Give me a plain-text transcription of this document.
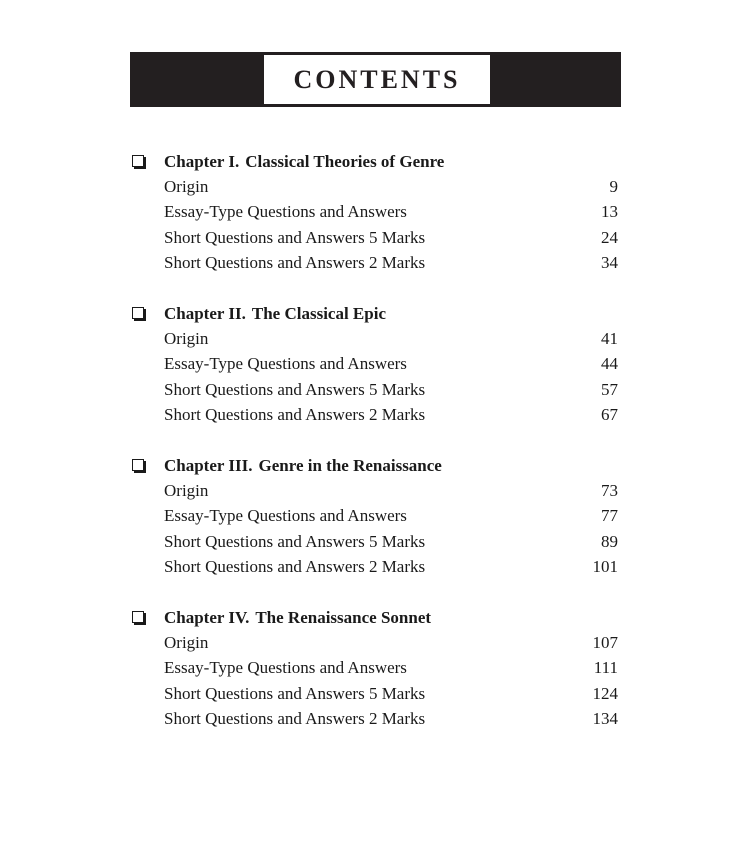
CONTENTS
Chapter I. Classical Theories of Genre
Origin	9
Essay-Type Questions and Answers	13
Short Questions and Answers 5 Marks	24
Short Questions and Answers 2 Marks	34
Chapter II. The Classical Epic
Origin	41
Essay-Type Questions and Answers	44
Short Questions and Answers 5 Marks	57
Short Questions and Answers 2 Marks	67
Chapter III. Genre in the Renaissance
Origin	73
Essay-Type Questions and Answers	77
Short Questions and Answers 5 Marks	89
Short Questions and Answers 2 Marks	101
Chapter IV. The Renaissance Sonnet
Origin	107
Essay-Type Questions and Answers	111
Short Questions and Answers 5 Marks	124
Short Questions and Answers 2 Marks	134
